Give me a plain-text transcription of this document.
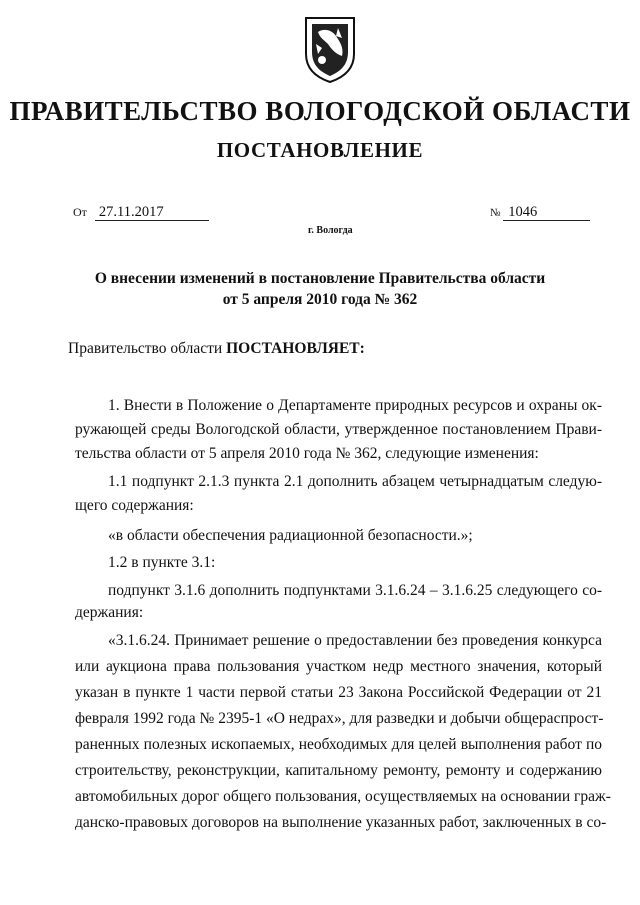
ПРАВИТЕЛЬСТВО ВОЛОГОДСКОЙ ОБЛАСТИ
ПОСТАНОВЛЕНИЕ
От 27.11.2017	№ 1046
г. Вологда
О внесении изменений в постановление Правительства области
от 5 апреля 2010 года № 362
Правительство области ПОСТАНОВЛЯЕТ:
1. Внести в Положение о Департаменте природных ресурсов и охраны ок-
ружающей среды Вологодской области, утвержденное постановлением Прави-
тельства области от 5 апреля 2010 года № 362, следующие изменения:
1.1 подпункт 2.1.3 пункта 2.1 дополнить абзацем четырнадцатым следую-
щего содержания:
«в области обеспечения радиационной безопасности.»;
1.2 в пункте 3.1:
подпункт 3.1.6 дополнить подпунктами 3.1.6.24 – 3.1.6.25 следующего со-
держания:
«3.1.6.24. Принимает решение о предоставлении без проведения конкурса
или аукциона права пользования участком недр местного значения, который
указан в пункте 1 части первой статьи 23 Закона Российской Федерации от 21
февраля 1992 года № 2395-1 «О недрах», для разведки и добычи общераспрост-
раненных полезных ископаемых, необходимых для целей выполнения работ по
строительству, реконструкции, капитальному ремонту, ремонту и содержанию
автомобильных дорог общего пользования, осуществляемых на основании граж-
данско-правовых договоров на выполнение указанных работ, заключенных в со-
